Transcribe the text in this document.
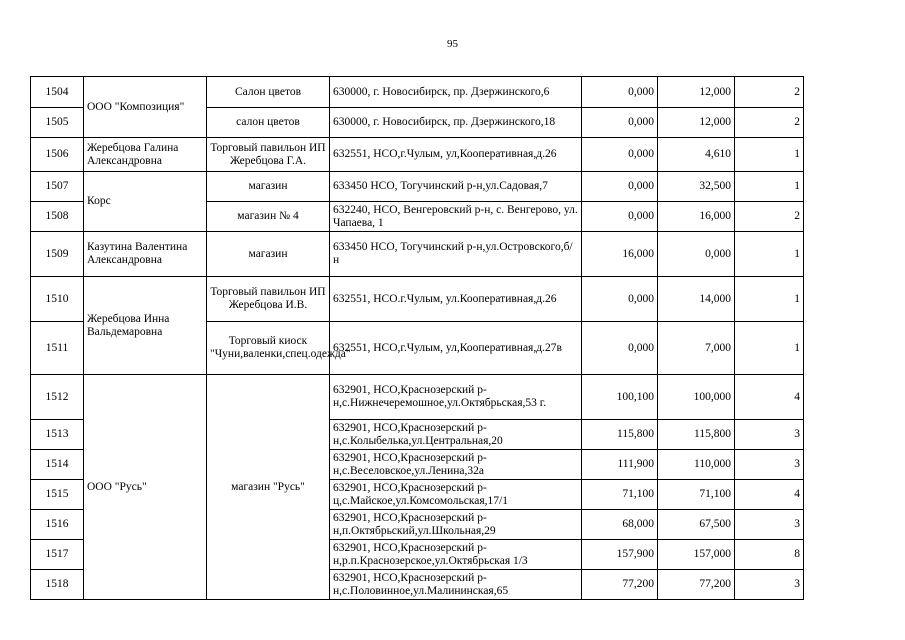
95
1504	ООО "Композиция"	Салон цветов	630000, г. Новосибирск, пр. Дзержинского,6	0,000	12,000	2
1505		салон цветов	630000, г. Новосибирск, пр. Дзержинского,18	0,000	12,000	2
1506	Жеребцова Галина Александровна	Торговый павильон ИП Жеребцова Г.А.	632551, НСО,г.Чулым, ул,Кооперативная,д.26	0,000	4,610	1
1507	Корс	магазин	633450 НСО, Тогучинский р-н,ул.Садовая,7	0,000	32,500	1
1508		магазин № 4	632240, НСО, Венгеровский р-н, с. Венгерово, ул. Чапаева, 1	0,000	16,000	2
1509	Казутина Валентина Александровна	магазин	633450 НСО, Тогучинский р-н,ул.Островского,б/н	16,000	0,000	1
1510	Жеребцова Инна Вальдемаровна	Торговый павильон ИП Жеребцова И.В.	632551, НСО.г.Чулым, ул.Кооперативная,д.26	0,000	14,000	1
1511		Торговый киоск "Чуни,валенки,спец.одежда"	632551, НСО,г.Чулым, ул,Кооперативная,д.27в	0,000	7,000	1
1512	ООО "Русь"	магазин "Русь"	632901, НСО,Краснозерский р-н,с.Нижнечеремошное,ул.Октябрьская,53 г.	100,100	100,000	4
1513			632901, НСО,Краснозерский р-н,с.Колыбелька,ул.Центральная,20	115,800	115,800	3
1514			632901, НСО,Краснозерский р-н,с.Веселовское,ул.Ленина,32а	111,900	110,000	3
1515			632901, НСО,Краснозерский р-ц,с.Майское,ул.Комсомольская,17/1	71,100	71,100	4
1516			632901, НСО,Краснозерский р-н,п.Октябрьский,ул.Школьная,29	68,000	67,500	3
1517			632901, НСО,Краснозерский р-н,р.п.Краснозерское,ул.Октябрьская 1/3	157,900	157,000	8
1518			632901, НСО,Краснозерский р-н,с.Половинное,ул.Малининская,65	77,200	77,200	3
